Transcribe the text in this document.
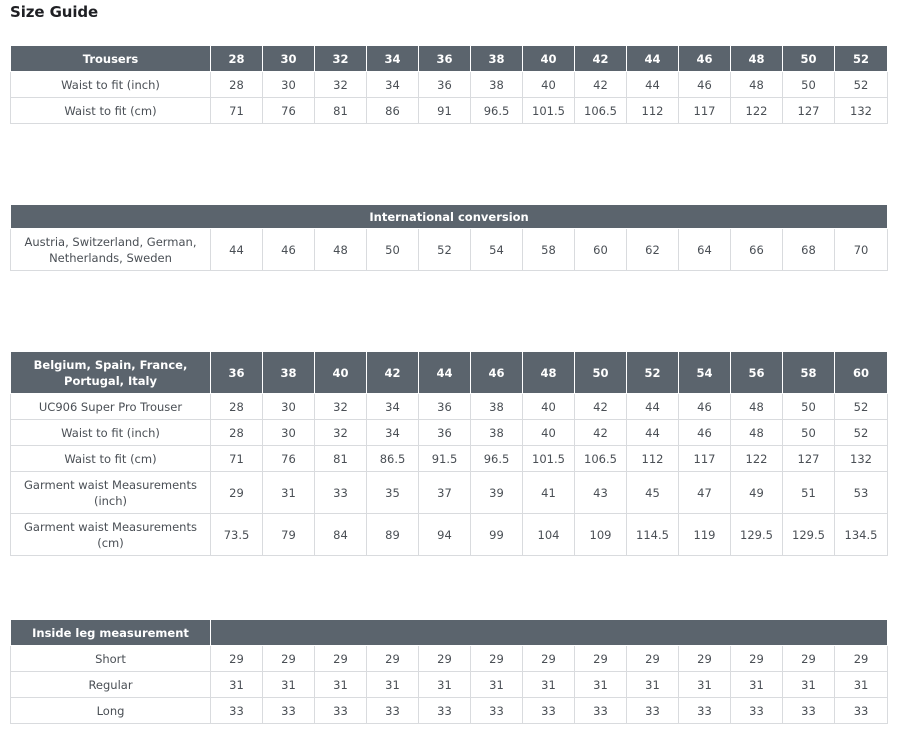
Size Guide
Trousers	28	30	32	34	36	38	40	42	44	46	48	50	52
Waist to fit (inch)	28	30	32	34	36	38	40	42	44	46	48	50	52
Waist to fit (cm)	71	76	81	86	91	96.5	101.5	106.5	112	117	122	127	132
International conversion
Austria, Switzerland, German, Netherlands, Sweden	44	46	48	50	52	54	58	60	62	64	66	68	70
Belgium, Spain, France, Portugal, Italy	36	38	40	42	44	46	48	50	52	54	56	58	60
UC906 Super Pro Trouser	28	30	32	34	36	38	40	42	44	46	48	50	52
Waist to fit (inch)	28	30	32	34	36	38	40	42	44	46	48	50	52
Waist to fit (cm)	71	76	81	86.5	91.5	96.5	101.5	106.5	112	117	122	127	132
Garment waist Measurements (inch)	29	31	33	35	37	39	41	43	45	47	49	51	53
Garment waist Measurements (cm)	73.5	79	84	89	94	99	104	109	114.5	119	129.5	129.5	134.5
Inside leg measurement													
Short	29	29	29	29	29	29	29	29	29	29	29	29	29
Regular	31	31	31	31	31	31	31	31	31	31	31	31	31
Long	33	33	33	33	33	33	33	33	33	33	33	33	33
